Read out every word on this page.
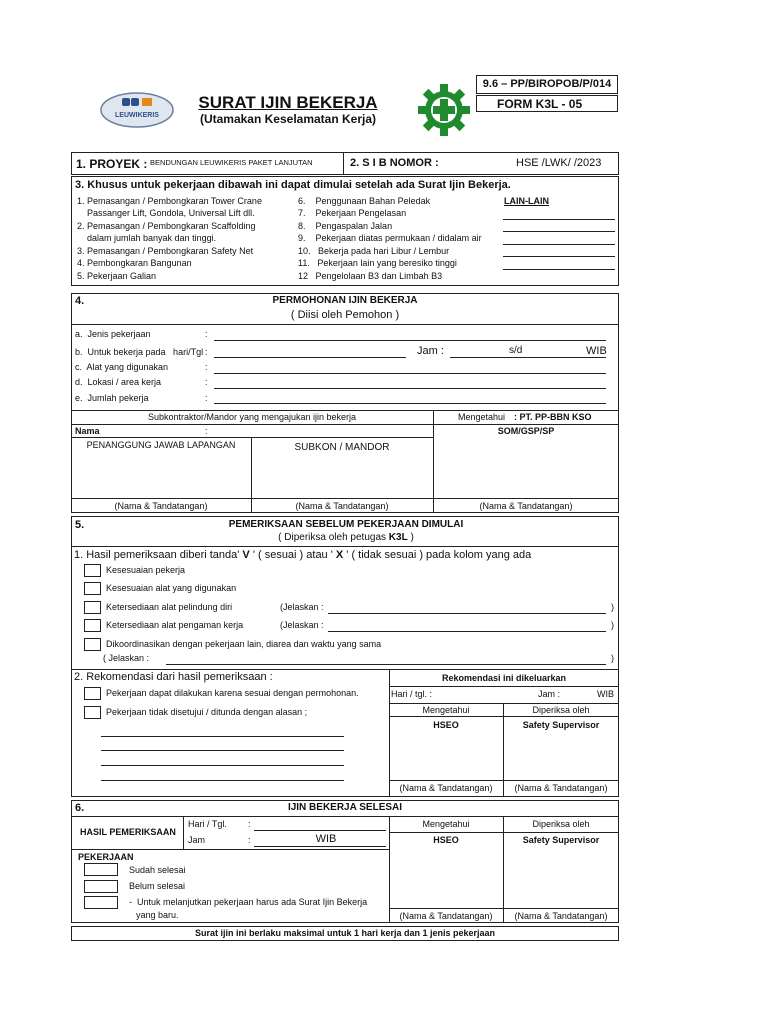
LEUWIKERIS
SURAT IJIN BEKERJA
(Utamakan Keselamatan Kerja)
9.6 – PP/BIROPOB/P/014
FORM K3L - 05
1. PROYEK : BENDUNGAN LEUWIKERIS PAKET LANJUTAN	2. S I B NOMOR :	HSE /LWK/ /2023
3. Khusus untuk pekerjaan dibawah ini dapat dimulai setelah ada Surat Ijin Bekerja.
1. Pemasangan / Pembongkaran Tower Crane
Passanger Lift, Gondola, Universal Lift dll.
2. Pemasangan / Pembongkaran Scaffolding
dalam jumlah banyak dan tinggi.
3. Pemasangan / Pembongkaran Safety Net
4. Pembongkaran Bangunan
5. Pekerjaan Galian
6.    Penggunaan Bahan Peledak
7.    Pekerjaan Pengelasan
8.    Pengaspalan Jalan
9.    Pekerjaan diatas permukaan / didalam air
10.   Bekerja pada hari Libur / Lembur
11.   Pekerjaan lain yang beresiko tinggi
12   Pengelolaan B3 dan Limbah B3
LAIN-LAIN
4.	PERMOHONAN IJIN BEKERJA
( Diisi oleh Pemohon )
a.  Jenis pekerjaan	:
b.  Untuk bekerja pada   hari/Tgl :	Jam :	s/d	WIB
c.  Alat yang digunakan	:
d.  Lokasi / area kerja	:
e.  Jumlah pekerja	:
Subkontraktor/Mandor yang mengajukan ijin bekerja	Mengetahui : PT. PP-BBN KSO
Nama	:	SOM/GSP/SP
PENANGGUNG JAWAB LAPANGAN	SUBKON / MANDOR
(Nama & Tandatangan)	(Nama & Tandatangan)	(Nama & Tandatangan)
5.	PEMERIKSAAN SEBELUM PEKERJAAN DIMULAI
( Diperiksa oleh petugas K3L )
1. Hasil pemeriksaan diberi tanda' V ' ( sesuai ) atau ' X ' ( tidak sesuai ) pada kolom yang ada
Kesesuaian pekerja
Kesesuaian alat yang digunakan
Ketersediaan alat pelindung diri	(Jelaskan :	)
Ketersediaan alat pengaman kerja	(Jelaskan :	)
Dikoordinasikan dengan pekerjaan lain, diarea dan waktu yang sama
( Jelaskan :	)
2. Rekomendasi dari hasil pemeriksaan :
Pekerjaan dapat dilakukan karena sesuai dengan permohonan.
Pekerjaan tidak disetujui / ditunda dengan alasan ;
Rekomendasi ini dikeluarkan
Hari / tgl. :	Jam :	WIB
Mengetahui	Diperiksa oleh
HSEO	Safety Supervisor
(Nama & Tandatangan)	(Nama & Tandatangan)
6.	IJIN BEKERJA SELESAI
HASIL PEMERIKSAAN
Hari / Tgl. :
Jam	:	WIB
Mengetahui	Diperiksa oleh
HSEO	Safety Supervisor
PEKERJAAN
Sudah selesai
Belum selesai
-  Untuk melanjutkan pekerjaan harus ada Surat Ijin Bekerja
yang baru.	(Nama & Tandatangan)	(Nama & Tandatangan)
Surat ijin ini berlaku maksimal untuk 1 hari kerja dan 1 jenis pekerjaan
